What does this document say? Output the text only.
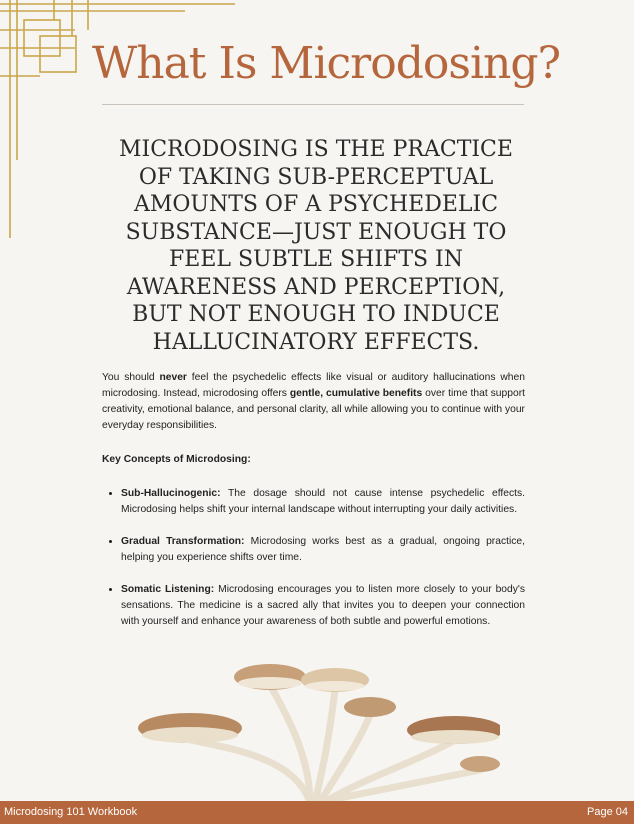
What Is Microdosing?

MICRODOSING IS THE PRACTICE OF TAKING SUB-PERCEPTUAL AMOUNTS OF A PSYCHEDELIC SUBSTANCE—JUST ENOUGH TO FEEL SUBTLE SHIFTS IN AWARENESS AND PERCEPTION, BUT NOT ENOUGH TO INDUCE HALLUCINATORY EFFECTS.

You should never feel the psychedelic effects like visual or auditory hallucinations when microdosing. Instead, microdosing offers gentle, cumulative benefits over time that support creativity, emotional balance, and personal clarity, all while allowing you to continue with your everyday responsibilities.

Key Concepts of Microdosing:

• Sub-Hallucinogenic: The dosage should not cause intense psychedelic effects. Microdosing helps shift your internal landscape without interrupting your daily activities.
• Gradual Transformation: Microdosing works best as a gradual, ongoing practice, helping you experience shifts over time.
• Somatic Listening: Microdosing encourages you to listen more closely to your body's sensations. The medicine is a sacred ally that invites you to deepen your connection with yourself and enhance your awareness of both subtle and powerful emotions.
Microdosing 101 Workbook	Page 04
